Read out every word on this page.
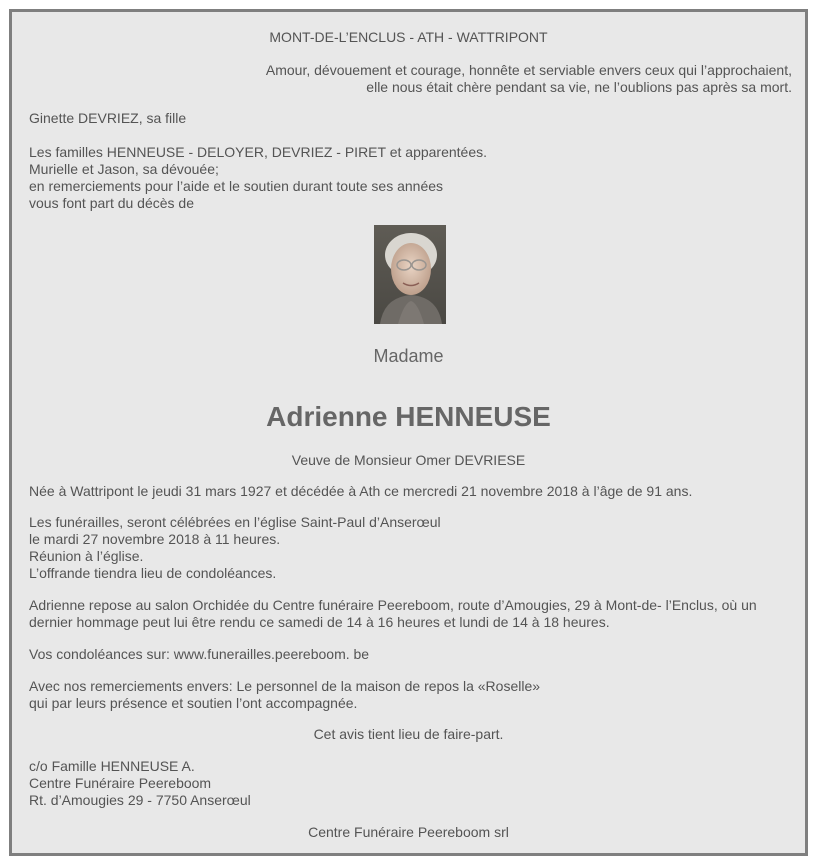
MONT-DE-L’ENCLUS - ATH - WATTRIPONT
Amour, dévouement et courage, honnête et serviable envers ceux qui l’approchaient,
elle nous était chère pendant sa vie, ne l’oublions pas après sa mort.
Ginette DEVRIEZ, sa fille
Les familles HENNEUSE - DELOYER, DEVRIEZ - PIRET et apparentées.
Murielle et Jason, sa dévouée;
en remerciements pour l’aide et le soutien durant toute ses années
vous font part du décès de
Madame
Adrienne HENNEUSE
Veuve de Monsieur Omer DEVRIESE
Née à Wattripont le jeudi 31 mars 1927 et décédée à Ath ce mercredi 21 novembre 2018 à l’âge de 91 ans.
Les funérailles, seront célébrées en l’église Saint-Paul d’Anserœul
le mardi 27 novembre 2018 à 11 heures.
Réunion à l’église.
L’offrande tiendra lieu de condoléances.
Adrienne repose au salon Orchidée du Centre funéraire Peereboom, route d’Amougies, 29 à Mont-de- l’Enclus, où un
dernier hommage peut lui être rendu ce samedi de 14 à 16 heures et lundi de 14 à 18 heures.
Vos condoléances sur: www.funerailles.peereboom. be
Avec nos remerciements envers: Le personnel de la maison de repos la «Roselle»
qui par leurs présence et soutien l’ont accompagnée.
Cet avis tient lieu de faire-part.
c/o Famille HENNEUSE A.
Centre Funéraire Peereboom
Rt. d’Amougies 29 - 7750 Anserœul
Centre Funéraire Peereboom srl
